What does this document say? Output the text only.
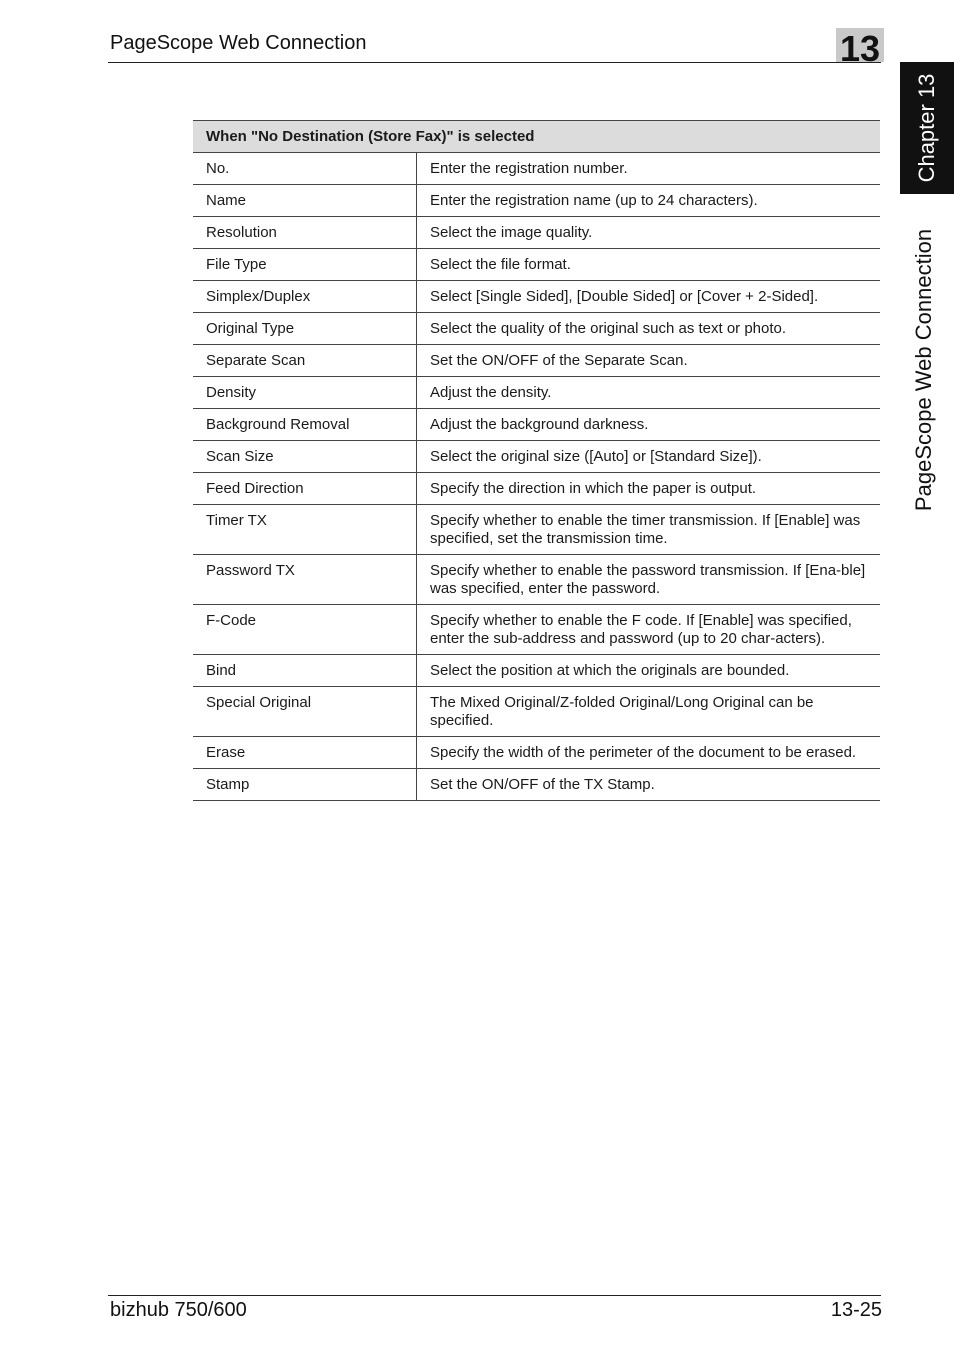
PageScope Web Connection	13
Chapter 13
PageScope Web Connection
When "No Destination (Store Fax)" is selected	
No.	Enter the registration number.
Name	Enter the registration name (up to 24 characters).
Resolution	Select the image quality.
File Type	Select the file format.
Simplex/Duplex	Select [Single Sided], [Double Sided] or [Cover + 2-Sided].
Original Type	Select the quality of the original such as text or photo.
Separate Scan	Set the ON/OFF of the Separate Scan.
Density	Adjust the density.
Background Removal	Adjust the background darkness.
Scan Size	Select the original size ([Auto] or [Standard Size]).
Feed Direction	Specify the direction in which the paper is output.
Timer TX	Specify whether to enable the timer transmission. If [Enable] was specified, set the transmission time.
Password TX	Specify whether to enable the password transmission. If [Ena-ble] was specified, enter the password.
F-Code	Specify whether to enable the F code. If [Enable] was specified, enter the sub-address and password (up to 20 char-acters).
Bind	Select the position at which the originals are bounded.
Special Original	The Mixed Original/Z-folded Original/Long Original can be specified.
Erase	Specify the width of the perimeter of the document to be erased.
Stamp	Set the ON/OFF of the TX Stamp.
bizhub 750/600	13-25
